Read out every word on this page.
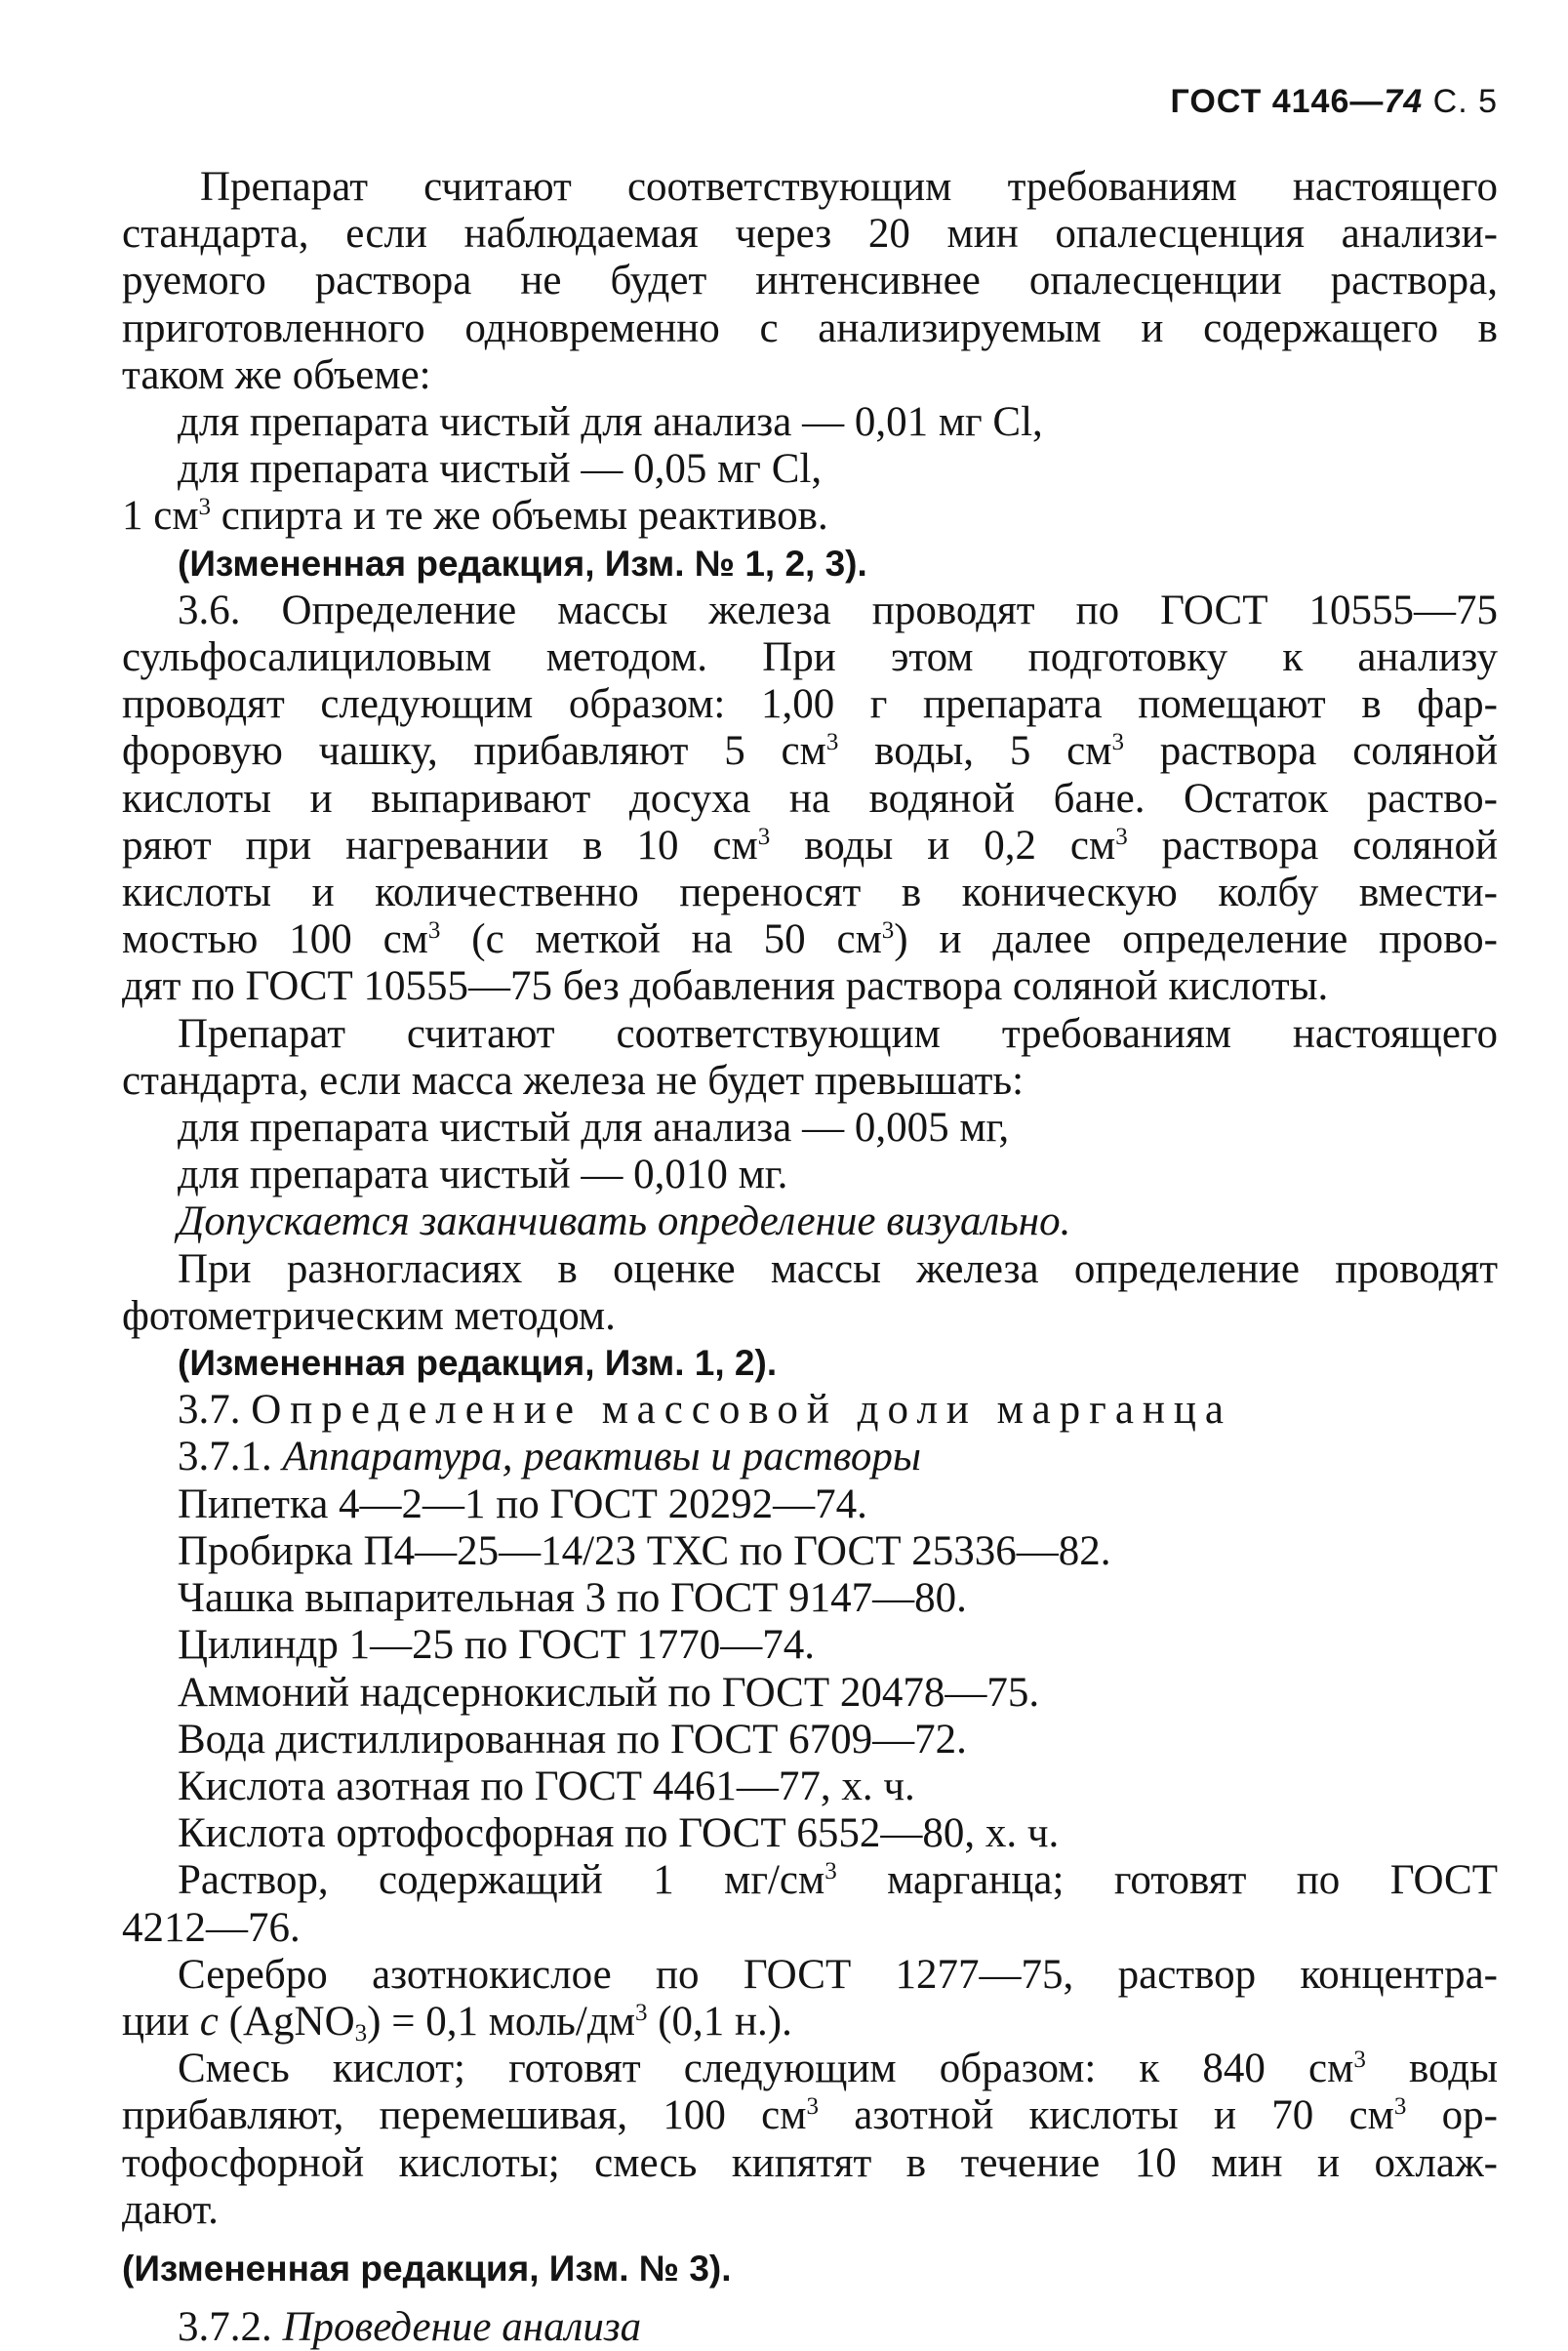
ГОСТ 4146—74 С. 5
Препарат считают соответствующим требованиям настоящего
стандарта, если наблюдаемая через 20 мин опалесценция анализи-
руемого раствора не будет интенсивнее опалесценции раствора,
приготовленного одновременно с анализируемым и содержащего в
таком же объеме:
для препарата чистый для анализа — 0,01 мг Cl,
для препарата чистый — 0,05 мг Cl,
1 $см^3$ спирта и те же объемы реактивов.
(Измененная редакция, Изм. № 1, 2, 3).
3.6. Определение массы железа проводят по ГОСТ 10555—75
сульфосалициловым методом. При этом подготовку к анализу
проводят следующим образом: 1,00 г препарата помещают в фар-
форовую чашку, прибавляют 5 $см^3$ воды, 5 $см^3$ раствора соляной
кислоты и выпаривают досуха на водяной бане. Остаток раство-
ряют при нагревании в 10 $см^3$ воды и 0,2 $см^3$ раствора соляной
кислоты и количественно переносят в коническую колбу вмести-
мостью 100 $см^3$ (с меткой на 50 $см^3$) и далее определение прово-
дят по ГОСТ 10555—75 без добавления раствора соляной кислоты.
Препарат считают соответствующим требованиям настоящего
стандарта, если масса железа не будет превышать:
для препарата чистый для анализа — 0,005 мг,
для препарата чистый — 0,010 мг.
Допускается заканчивать определение визуально.
При разногласиях в оценке массы железа определение проводят
фотометрическим методом.
(Измененная редакция, Изм. 1, 2).
3.7. Определение массовой доли марганца
3.7.1. Аппаратура, реактивы и растворы
Пипетка 4—2—1 по ГОСТ 20292—74.
Пробирка П4—25—14/23 ТХС по ГОСТ 25336—82.
Чашка выпарительная 3 по ГОСТ 9147—80.
Цилиндр 1—25 по ГОСТ 1770—74.
Аммоний надсернокислый по ГОСТ 20478—75.
Вода дистиллированная по ГОСТ 6709—72.
Кислота азотная по ГОСТ 4461—77, х. ч.
Кислота ортофосфорная по ГОСТ 6552—80, х. ч.
Раствор, содержащий 1 $мг/см^3$ марганца; готовят по ГОСТ
4212—76.
Серебро азотнокислое по ГОСТ 1277—75, раствор концентра-
ции с (AgNO$_3$) = 0,1 моль/$дм^3$ (0,1 н.).
Смесь кислот; готовят следующим образом: к 840 $см^3$ воды
прибавляют, перемешивая, 100 $см^3$ азотной кислоты и 70 $см^3$ ор-
тофосфорной кислоты; смесь кипятят в течение 10 мин и охлаж-
дают.
(Измененная редакция, Изм. № 3).
3.7.2. Проведение анализа
